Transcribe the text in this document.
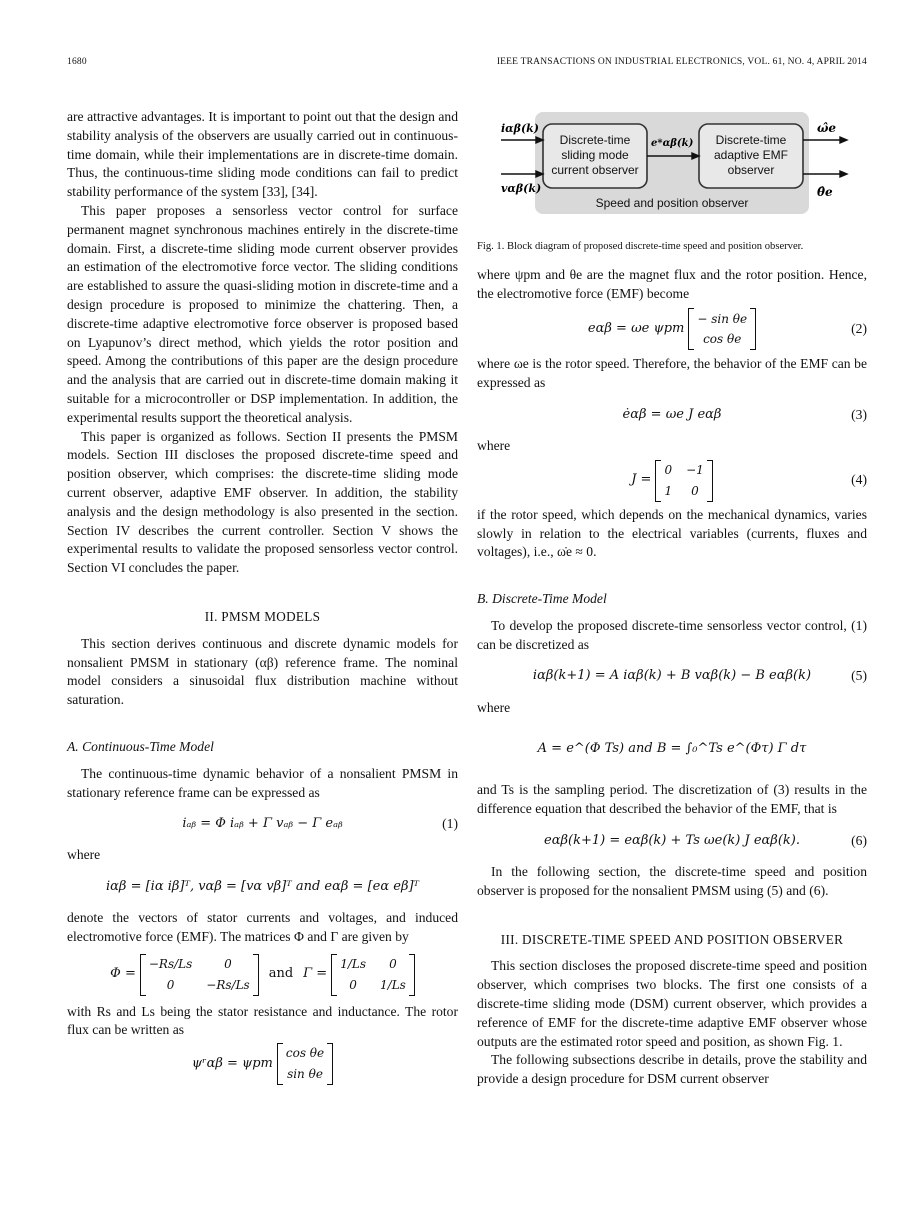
1680	IEEE TRANSACTIONS ON INDUSTRIAL ELECTRONICS, VOL. 61, NO. 4, APRIL 2014

are attractive advantages. It is important to point out that the design and stability analysis of the observers are usually carried out in continuous-time domain, while their implementations are in discrete-time domain. Thus, the continuous-time sliding mode conditions can fail to predict stability performance of the system [33], [34].

This paper proposes a sensorless vector control for surface permanent magnet synchronous machines entirely in the discrete-time domain. First, a discrete-time sliding mode current observer provides an estimation of the electromotive force vector. The sliding conditions are established to assure the quasi-sliding motion in discrete-time and a design procedure is proposed to minimize the chattering. Then, a discrete-time adaptive electromotive force observer is proposed based on Lyapunov’s direct method, which yields the rotor position and speed. Among the contributions of this paper are the design procedure and the analysis that are carried out in discrete-time domain making it suitable for a microcontroller or DSP implementation. In addition, the experimental results support the theoretical analysis.

This paper is organized as follows. Section II presents the PMSM models. Section III discloses the proposed discrete-time speed and position observer, which comprises: the discrete-time sliding mode current observer, adaptive EMF observer. In addition, the stability analysis and the design methodology is also presented in the section. Section IV describes the current controller. Section V shows the experimental results to validate the proposed sensorless vector control. Section VI concludes the paper.

II. PMSM MODELS

This section derives continuous and discrete dynamic models for nonsalient PMSM in stationary (αβ) reference frame. The nominal model considers a sinusoidal flux distribution machine without saturation.

A. Continuous-Time Model

The continuous-time dynamic behavior of a nonsalient PMSM in stationary reference frame can be expressed as

iₐᵦ = Φ iₐᵦ + Γ vₐᵦ − Γ eₐᵦ	(1)

where

iαβ = [iα iβ]ᵀ, vαβ = [vα vβ]ᵀ and eαβ = [eα eβ]ᵀ

denote the vectors of stator currents and voltages, and induced electromotive force (EMF). The matrices Φ and Γ are given by

Φ =
−Rs/Ls	0
0	−Rs/Ls
and Γ =
1/Ls	0
0	1/Ls

with Rs and Ls being the stator resistance and inductance. The rotor flux can be written as

ψʳαβ = ψpm
cos θe
sin θe
iαβ(k)
vαβ(k)
e*αβ(k)
ω̂e
θ̂e
Discrete-time
sliding mode
current observer
Discrete-time
adaptive EMF
observer
Speed and position observer
Fig. 1. Block diagram of proposed discrete-time speed and position observer.

where ψpm and θe are the magnet flux and the rotor position. Hence, the electromotive force (EMF) become

eαβ = ωe ψpm
− sin θe
cos θe
(2)

where ωe is the rotor speed. Therefore, the behavior of the EMF can be expressed as

ėαβ = ωe J eαβ	(3)

where

J =
0 −1
1	0
(4)

if the rotor speed, which depends on the mechanical dynamics, varies slowly in relation to the electrical variables (currents, fluxes and voltages), i.e., ω̇e ≈ 0.

B. Discrete-Time Model

To develop the proposed discrete-time sensorless vector control, (1) can be discretized as

iαβ(k+1) = A iαβ(k) + B vαβ(k) − B eαβ(k)	(5)

where

A = e^(Φ Ts) and B = ∫₀^Ts e^(Φτ) Γ dτ

and Ts is the sampling period. The discretization of (3) results in the difference equation that described the behavior of the EMF, that is

eαβ(k+1) = eαβ(k) + Ts ωe(k) J eαβ(k).	(6)

In the following section, the discrete-time speed and position observer is proposed for the nonsalient PMSM using (5) and (6).

III. DISCRETE-TIME SPEED AND POSITION OBSERVER

This section discloses the proposed discrete-time speed and position observer, which comprises two blocks. The first one consists of a discrete-time sliding mode (DSM) current observer, which provides a reference of EMF for the discrete-time adaptive EMF observer whose outputs are the estimated rotor speed and position, as shown Fig. 1.

The following subsections describe in details, prove the stability and provide a design procedure for DSM current observer
